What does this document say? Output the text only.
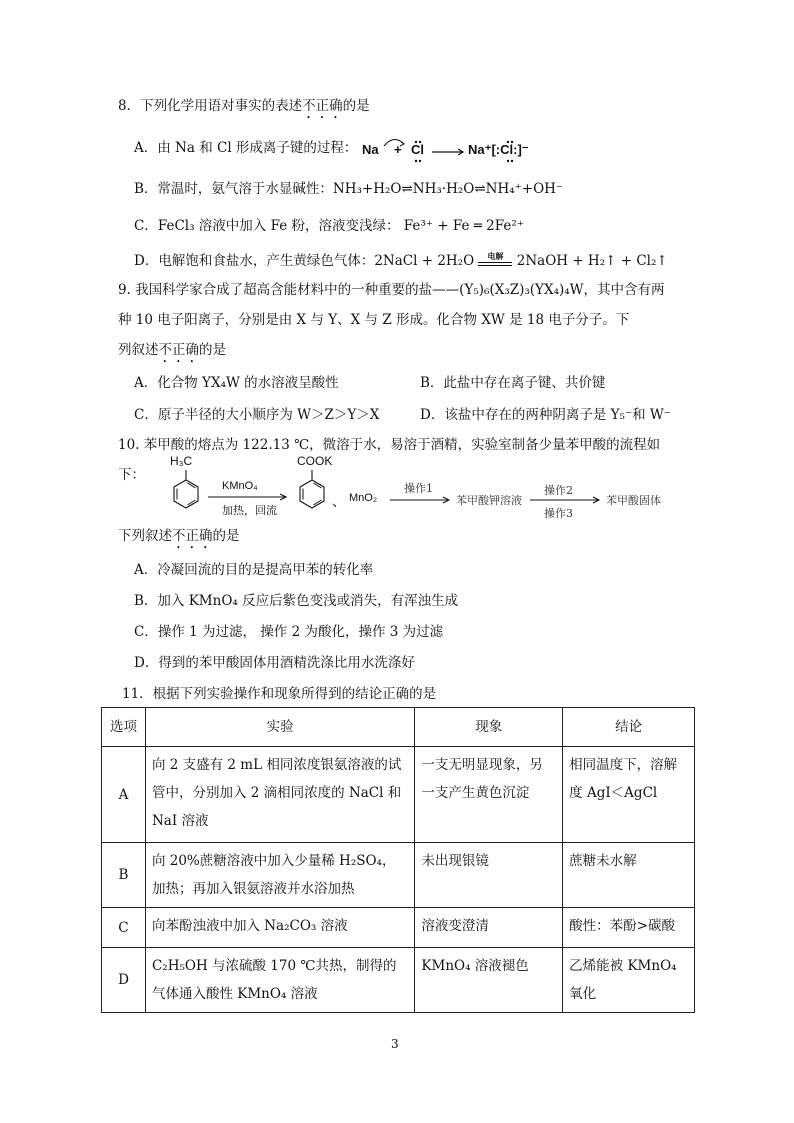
8．下列化学用语对事实的表述不正确的是
A．由 Na 和 Cl 形成离子键的过程： Na + Cl	Na⁺[:Cl:]⁻
B．常温时，氨气溶于水显碱性：NH₃+H₂O⇌NH₃·H₂O⇌NH₄⁺+OH⁻
C．FeCl₃ 溶液中加入 Fe 粉，溶液变浅绿： Fe³⁺ + Fe ═ 2Fe²⁺
D．电解饱和食盐水，产生黄绿色气体：2NaCl + 2H₂O	电解 2NaOH + H₂↑ + Cl₂↑
9. 我国科学家合成了超高含能材料中的一种重要的盐——(Y₅)₆(X₃Z)₃(YX₄)₄W，其中含有两
种 10 电子阳离子，分别是由 X 与 Y、X 与 Z 形成。化合物 XW 是 18 电子分子。下
列叙述不正确的是
A．化合物 YX₄W 的水溶液呈酸性	B．此盐中存在离子键、共价键
C．原子半径的大小顺序为 W＞Z＞Y＞X	D．该盐中存在的两种阴离子是 Y₅⁻和 W⁻
10. 苯甲酸的熔点为 122.13 ℃，微溶于水，易溶于酒精，实验室制备少量苯甲酸的流程如
下：
H₃C
KMnO₄
加热，回流
COOK
、 MnO₂
操作1
苯甲酸钾溶液
操作2
操作3
苯甲酸固体
下列叙述不正确的是
A．冷凝回流的目的是提高甲苯的转化率
B．加入 KMnO₄ 反应后紫色变浅或消失，有浑浊生成
C．操作 1 为过滤， 操作 2 为酸化，操作 3 为过滤
D．得到的苯甲酸固体用酒精洗涤比用水洗涤好
11．根据下列实验操作和现象所得到的结论正确的是
选项	实验	现象	结论
A	向 2 支盛有 2 mL 相同浓度银氨溶液的试管中，分别加入 2 滴相同浓度的 NaCl 和 NaI 溶液	一支无明显现象，另一支产生黄色沉淀	相同温度下，溶解度 AgI＜AgCl
B	向 20%蔗糖溶液中加入少量稀 H₂SO₄，加热；再加入银氨溶液并水浴加热	未出现银镜	蔗糖未水解
C	向苯酚浊液中加入 Na₂CO₃ 溶液	溶液变澄清	酸性：苯酚>碳酸
D	C₂H₅OH 与浓硫酸 170 ℃共热，制得的气体通入酸性 KMnO₄ 溶液	KMnO₄ 溶液褪色	乙烯能被 KMnO₄ 氧化
3
